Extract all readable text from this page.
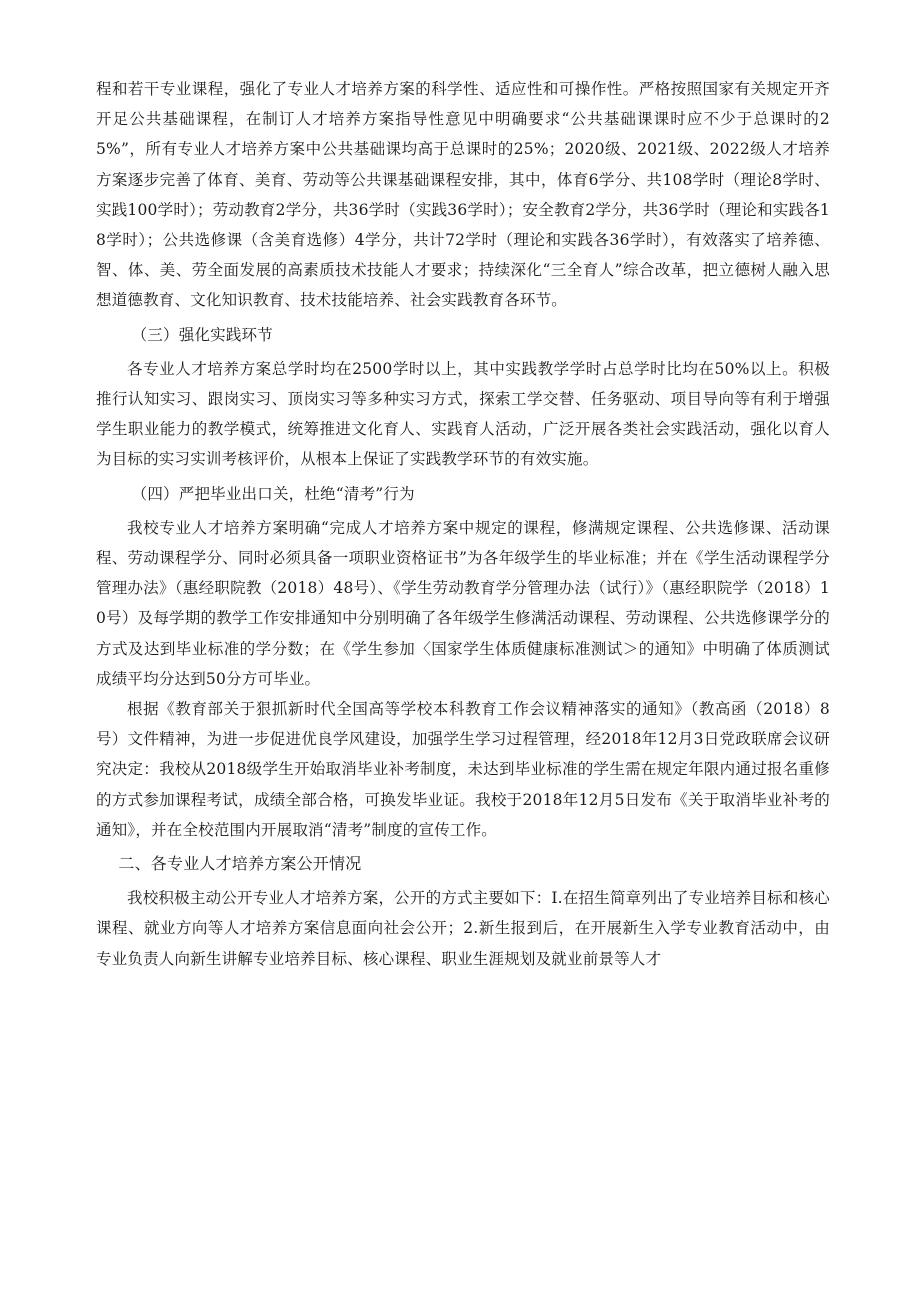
程和若干专业课程，强化了专业人才培养方案的科学性、适应性和可操作性。严格按照国家有关规定开齐开足公共基础课程，在制订人才培养方案指导性意见中明确要求“公共基础课课时应不少于总课时的25%”，所有专业人才培养方案中公共基础课均高于总课时的25%；2020级、2021级、2022级人才培养方案逐步完善了体育、美育、劳动等公共课基础课程安排，其中，体育6学分、共108学时（理论8学时、实践100学时）；劳动教育2学分，共36学时（实践36学时）；安全教育2学分，共36学时（理论和实践各18学时）；公共选修课（含美育选修）4学分，共计72学时（理论和实践各36学时），有效落实了培养德、智、体、美、劳全面发展的高素质技术技能人才要求；持续深化“三全育人”综合改革，把立德树人融入思想道德教育、文化知识教育、技术技能培养、社会实践教育各环节。

（三）强化实践环节

各专业人才培养方案总学时均在2500学时以上，其中实践教学学时占总学时比均在50%以上。积极推行认知实习、跟岗实习、顶岗实习等多种实习方式，探索工学交替、任务驱动、项目导向等有利于增强学生职业能力的教学模式，统筹推进文化育人、实践育人活动，广泛开展各类社会实践活动，强化以育人为目标的实习实训考核评价，从根本上保证了实践教学环节的有效实施。

（四）严把毕业出口关，杜绝“清考”行为

我校专业人才培养方案明确“完成人才培养方案中规定的课程，修满规定课程、公共选修课、活动课程、劳动课程学分、同时必须具备一项职业资格证书”为各年级学生的毕业标准；并在《学生活动课程学分管理办法》（惠经职院教（2018）48号）、《学生劳动教育学分管理办法（试行）》（惠经职院学（2018）10号）及每学期的教学工作安排通知中分别明确了各年级学生修满活动课程、劳动课程、公共选修课学分的方式及达到毕业标准的学分数；在《学生参加〈国家学生体质健康标准测试＞的通知》中明确了体质测试成绩平均分达到50分方可毕业。

根据《教育部关于狠抓新时代全国高等学校本科教育工作会议精神落实的通知》（教高函（2018）8号）文件精神，为进一步促进优良学风建设，加强学生学习过程管理，经2018年12月3日党政联席会议研究决定：我校从2018级学生开始取消毕业补考制度，未达到毕业标准的学生需在规定年限内通过报名重修的方式参加课程考试，成绩全部合格，可换发毕业证。我校于2018年12月5日发布《关于取消毕业补考的通知》，并在全校范围内开展取消“清考”制度的宣传工作。

二、各专业人才培养方案公开情况

我校积极主动公开专业人才培养方案，公开的方式主要如下：I.在招生简章列出了专业培养目标和核心课程、就业方向等人才培养方案信息面向社会公开；2.新生报到后，在开展新生入学专业教育活动中，由专业负责人向新生讲解专业培养目标、核心课程、职业生涯规划及就业前景等人才
